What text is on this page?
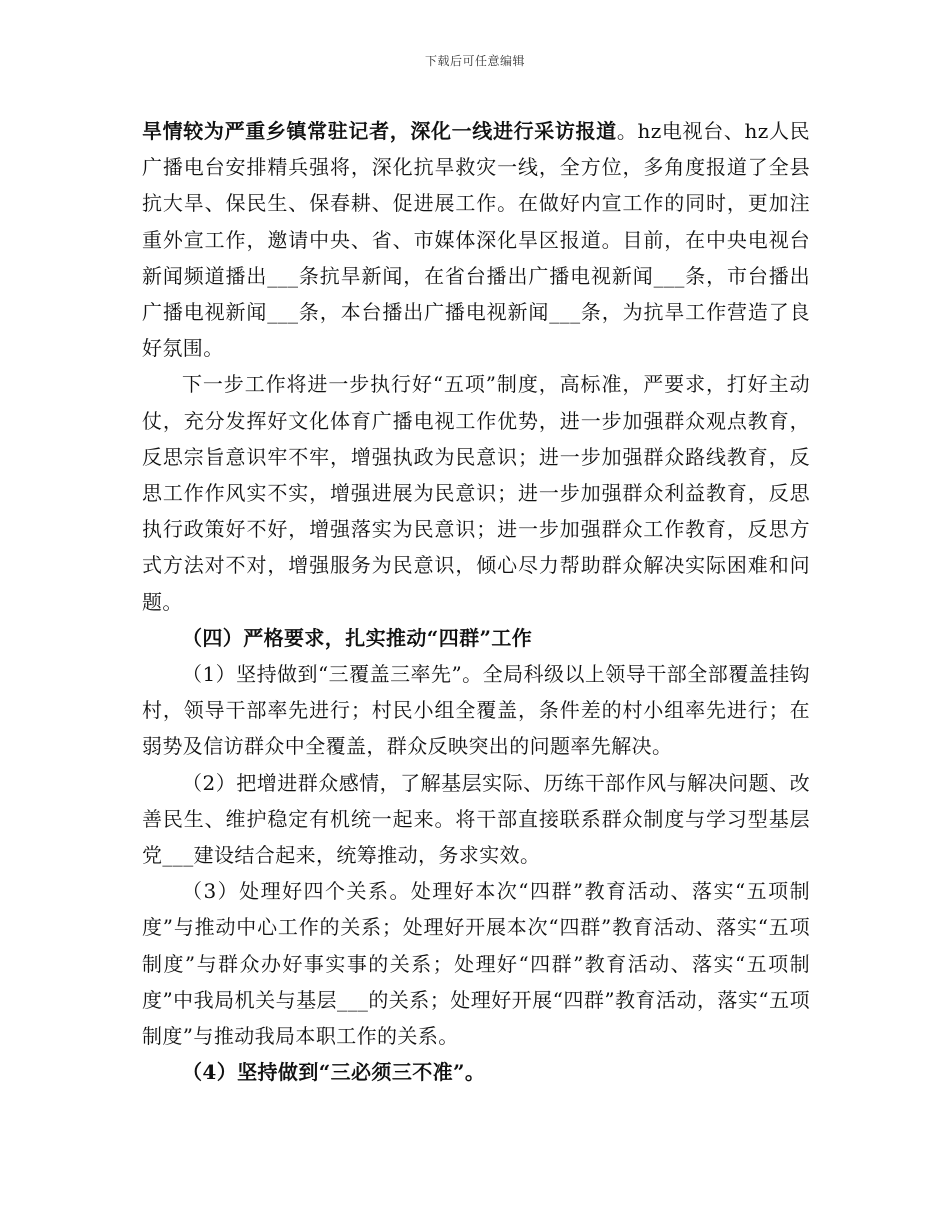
下载后可任意编辑

旱情较为严重乡镇常驻记者，深化一线进行采访报道。hz电视台、hz人民广播电台安排精兵强将，深化抗旱救灾一线，全方位，多角度报道了全县抗大旱、保民生、保春耕、促进展工作。在做好内宣工作的同时，更加注重外宣工作，邀请中央、省、市媒体深化旱区报道。目前，在中央电视台新闻频道播出___条抗旱新闻，在省台播出广播电视新闻___条，市台播出广播电视新闻___条，本台播出广播电视新闻___条，为抗旱工作营造了良好氛围。

下一步工作将进一步执行好“五项”制度，高标准，严要求，打好主动仗，充分发挥好文化体育广播电视工作优势，进一步加强群众观点教育，反思宗旨意识牢不牢，增强执政为民意识；进一步加强群众路线教育，反思工作作风实不实，增强进展为民意识；进一步加强群众利益教育，反思执行政策好不好，增强落实为民意识；进一步加强群众工作教育，反思方式方法对不对，增强服务为民意识，倾心尽力帮助群众解决实际困难和问题。

（四）严格要求，扎实推动“四群”工作

（1）坚持做到“三覆盖三率先”。全局科级以上领导干部全部覆盖挂钩村，领导干部率先进行；村民小组全覆盖，条件差的村小组率先进行；在弱势及信访群众中全覆盖，群众反映突出的问题率先解决。

（2）把增进群众感情，了解基层实际、历练干部作风与解决问题、改善民生、维护稳定有机统一起来。将干部直接联系群众制度与学习型基层党___建设结合起来，统筹推动，务求实效。

（3）处理好四个关系。处理好本次“四群”教育活动、落实“五项制度”与推动中心工作的关系；处理好开展本次“四群”教育活动、落实“五项制度”与群众办好事实事的关系；处理好“四群”教育活动、落实“五项制度”中我局机关与基层___的关系；处理好开展“四群”教育活动，落实“五项制度”与推动我局本职工作的关系。

（4）坚持做到“三必须三不准”。
